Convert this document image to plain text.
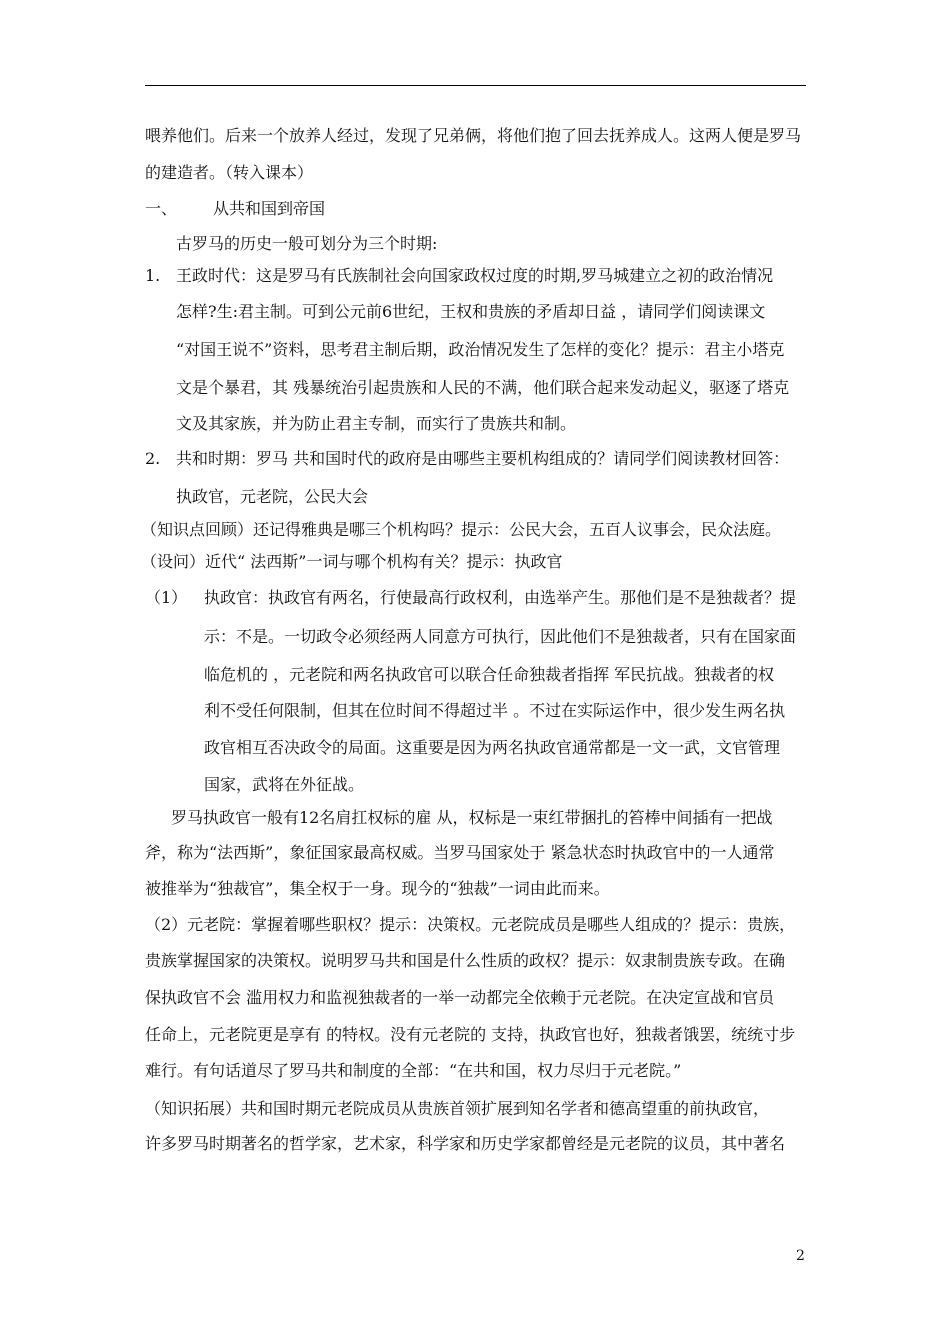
喂养他们。后来一个放养人经过，发现了兄弟俩，将他们抱了回去抚养成人。这两人便是罗马
的建造者。（转入课本）
一、 从共和国到帝国
古罗马的历史一般可划分为三个时期:
1. 王政时代：这是罗马有氏族制社会向国家政权过度的时期,罗马城建立之初的政治情况
怎样?生:君主制。可到公元前6世纪，王权和贵族的矛盾却日益 ，请同学们阅读课文
“对国王说不”资料，思考君主制后期，政治情况发生了怎样的变化？提示：君主小塔克
文是个暴君，其 残暴统治引起贵族和人民的不满，他们联合起来发动起义，驱逐了塔克
文及其家族，并为防止君主专制，而实行了贵族共和制。
2. 共和时期：罗马 共和国时代的政府是由哪些主要机构组成的？请同学们阅读教材回答：
执政官，元老院，公民大会
（知识点回顾）还记得雅典是哪三个机构吗？提示：公民大会，五百人议事会，民众法庭。
（设问）近代“ 法西斯”一词与哪个机构有关？提示：执政官
（1） 执政官：执政官有两名，行使最高行政权利，由选举产生。那他们是不是独裁者？提
示：不是。一切政令必须经两人同意方可执行，因此他们不是独裁者，只有在国家面
临危机的 ，元老院和两名执政官可以联合任命独裁者指挥 军民抗战。独裁者的权
利不受任何限制，但其在位时间不得超过半 。不过在实际运作中，很少发生两名执
政官相互否决政令的局面。这重要是因为两名执政官通常都是一文一武，文官管理
国家，武将在外征战。
罗马执政官一般有12名肩扛权标的雇 从，权标是一束红带捆扎的笞棒中间插有一把战
斧，称为“法西斯”，象征国家最高权威。当罗马国家处于 紧急状态时执政官中的一人通常
被推举为“独裁官”，集全权于一身。现今的“独裁”一词由此而来。
（2）元老院：掌握着哪些职权？提示：决策权。元老院成员是哪些人组成的？提示：贵族，
贵族掌握国家的决策权。说明罗马共和国是什么性质的政权？提示：奴隶制贵族专政。在确
保执政官不会 滥用权力和监视独裁者的一举一动都完全依赖于元老院。在决定宣战和官员
任命上，元老院更是享有 的特权。没有元老院的 支持，执政官也好，独裁者饿罢，统统寸步
难行。有句话道尽了罗马共和制度的全部：“在共和国，权力尽归于元老院。”
（知识拓展）共和国时期元老院成员从贵族首领扩展到知名学者和德高望重的前执政官，
许多罗马时期著名的哲学家，艺术家，科学家和历史学家都曾经是元老院的议员，其中著名
2
